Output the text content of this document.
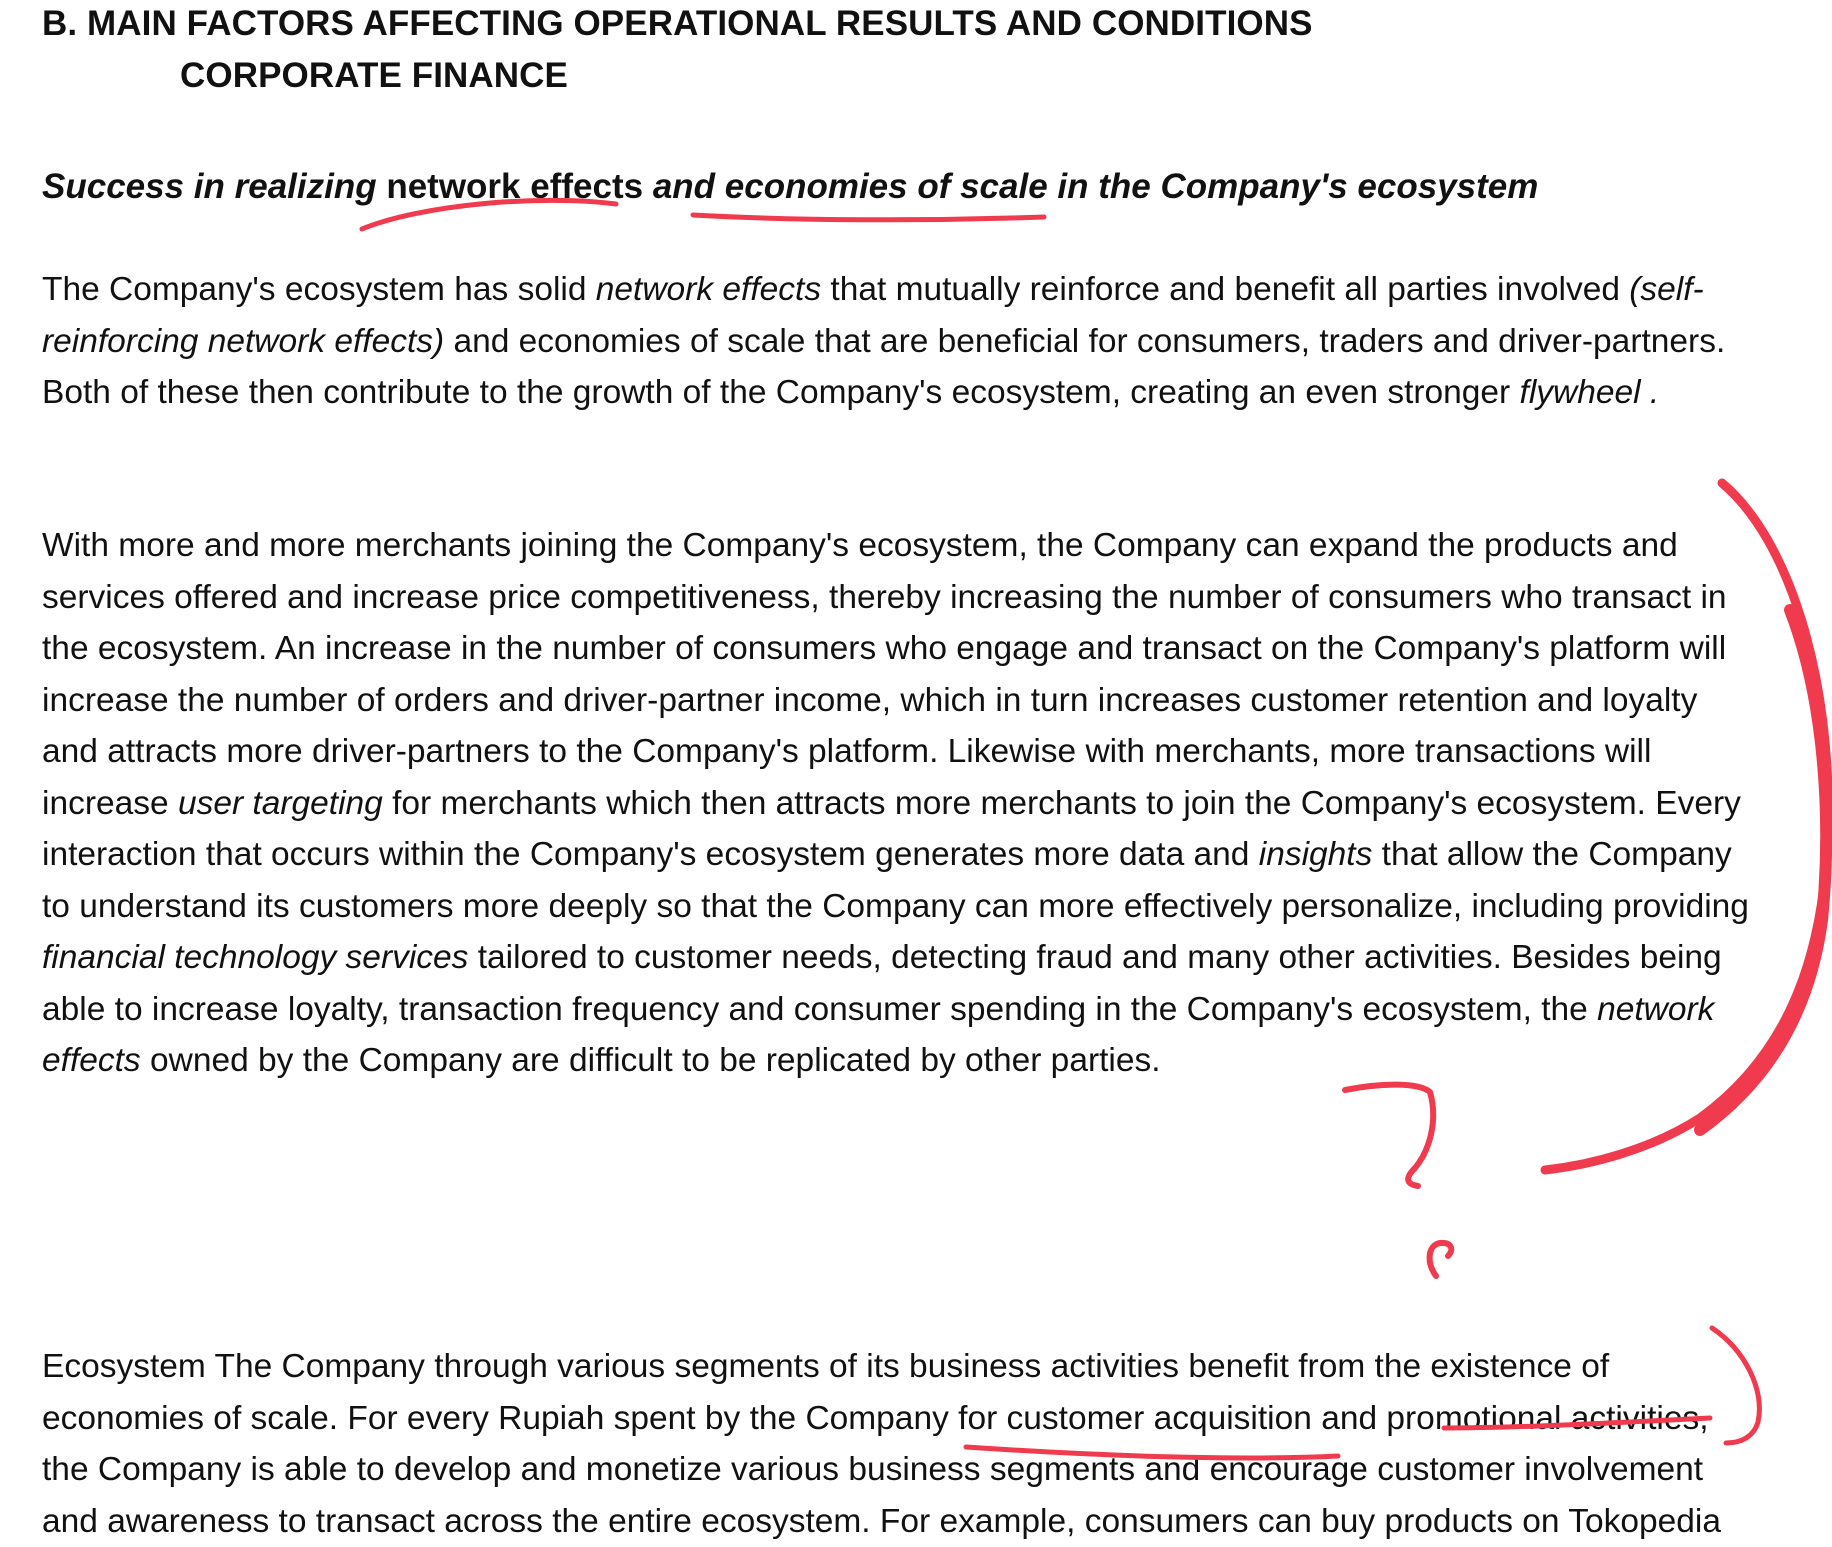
B. MAIN FACTORS AFFECTING OPERATIONAL RESULTS AND CONDITIONS
CORPORATE FINANCE
Success in realizing network effects and economies of scale in the Company's ecosystem
The Company's ecosystem has solid network effects that mutually reinforce and benefit all parties involved (self-
reinforcing network effects) and economies of scale that are beneficial for consumers, traders and driver-partners.
Both of these then contribute to the growth of the Company's ecosystem, creating an even stronger flywheel .
With more and more merchants joining the Company's ecosystem, the Company can expand the products and
services offered and increase price competitiveness, thereby increasing the number of consumers who transact in
the ecosystem. An increase in the number of consumers who engage and transact on the Company's platform will
increase the number of orders and driver-partner income, which in turn increases customer retention and loyalty
and attracts more driver-partners to the Company's platform. Likewise with merchants, more transactions will
increase user targeting for merchants which then attracts more merchants to join the Company's ecosystem. Every
interaction that occurs within the Company's ecosystem generates more data and insights that allow the Company
to understand its customers more deeply so that the Company can more effectively personalize, including providing
financial technology services tailored to customer needs, detecting fraud and many other activities. Besides being
able to increase loyalty, transaction frequency and consumer spending in the Company's ecosystem, the network
effects owned by the Company are difficult to be replicated by other parties.
Ecosystem The Company through various segments of its business activities benefit from the existence of
economies of scale. For every Rupiah spent by the Company for customer acquisition and promotional activities,
the Company is able to develop and monetize various business segments and encourage customer involvement
and awareness to transact across the entire ecosystem. For example, consumers can buy products on Tokopedia
